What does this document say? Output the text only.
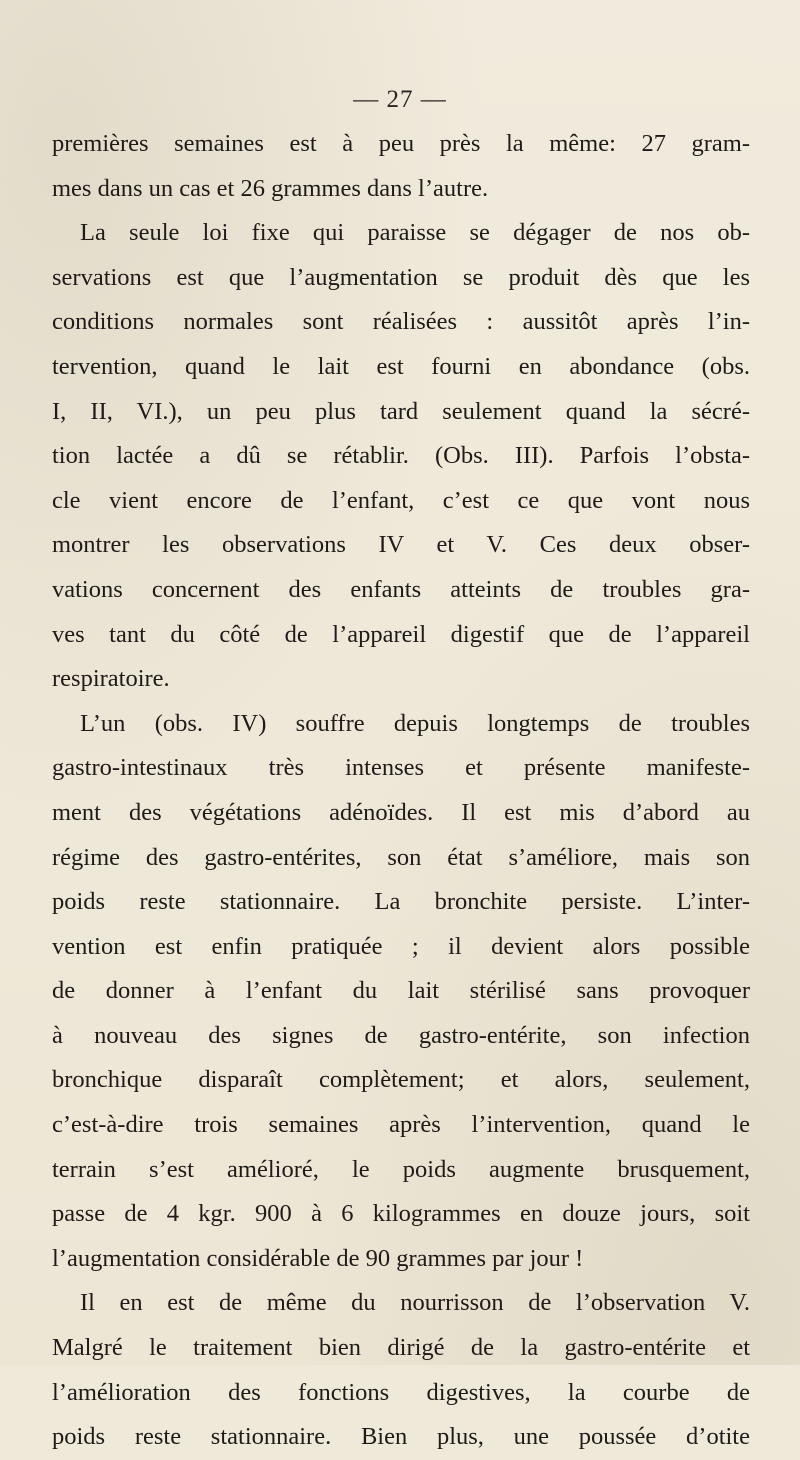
— 27 —
premières semaines est à peu près la même: 27 gram-
mes dans un cas et 26 grammes dans l’autre.
La seule loi fixe qui paraisse se dégager de nos ob-
servations est que l’augmentation se produit dès que les
conditions normales sont réalisées : aussitôt après l’in-
tervention, quand le lait est fourni en abondance (obs.
I, II, VI.), un peu plus tard seulement quand la sécré-
tion lactée a dû se rétablir. (Obs. III). Parfois l’obsta-
cle vient encore de l’enfant, c’est ce que vont nous
montrer les observations IV et V. Ces deux obser-
vations concernent des enfants atteints de troubles gra-
ves tant du côté de l’appareil digestif que de l’appareil
respiratoire.
L’un (obs. IV) souffre depuis longtemps de troubles
gastro-intestinaux très intenses et présente manifeste-
ment des végétations adénoïdes. Il est mis d’abord au
régime des gastro-entérites, son état s’améliore, mais son
poids reste stationnaire. La bronchite persiste. L’inter-
vention est enfin pratiquée ; il devient alors possible
de donner à l’enfant du lait stérilisé sans provoquer
à nouveau des signes de gastro-entérite, son infection
bronchique disparaît complètement; et alors, seulement,
c’est-à-dire trois semaines après l’intervention, quand le
terrain s’est amélioré, le poids augmente brusquement,
passe de 4 kgr. 900 à 6 kilogrammes en douze jours, soit
l’augmentation considérable de 90 grammes par jour !
Il en est de même du nourrisson de l’observation V.
Malgré le traitement bien dirigé de la gastro-entérite et
l’amélioration des fonctions digestives, la courbe de
poids reste stationnaire. Bien plus, une poussée d’otite
